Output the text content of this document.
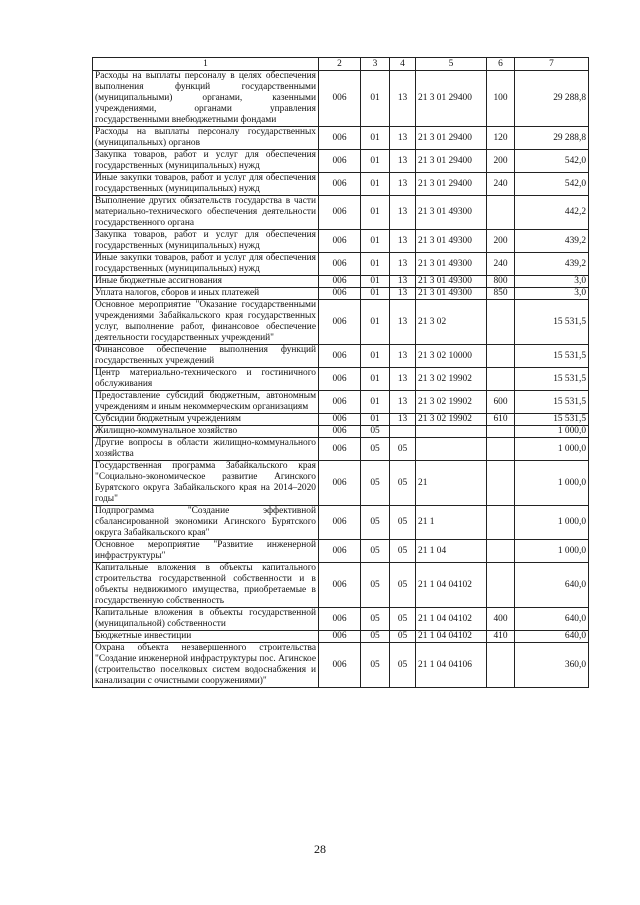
1	2	3	4	5	6	7
Расходы на выплаты персоналу в целях обеспечения выполнения функций государственными (муниципальными) органами, казенными учреждениями, органами управления государственными внебюджетными фондами	006	01	13	21 3 01 29400	100	29 288,8
Расходы на выплаты персоналу государственных (муниципальных) органов	006	01	13	21 3 01 29400	120	29 288,8
Закупка товаров, работ и услуг для обеспечения государственных (муниципальных) нужд	006	01	13	21 3 01 29400	200	542,0
Иные закупки товаров, работ и услуг для обеспечения государственных (муниципальных) нужд	006	01	13	21 3 01 29400	240	542,0
Выполнение других обязательств государства в части материально-технического обеспечения деятельности государственного органа	006	01	13	21 3 01 49300		442,2
Закупка товаров, работ и услуг для обеспечения государственных (муниципальных) нужд	006	01	13	21 3 01 49300	200	439,2
Иные закупки товаров, работ и услуг для обеспечения государственных (муниципальных) нужд	006	01	13	21 3 01 49300	240	439,2
Иные бюджетные ассигнования	006	01	13	21 3 01 49300	800	3,0
Уплата налогов, сборов и иных платежей	006	01	13	21 3 01 49300	850	3,0
Основное мероприятие "Оказание государственными учреждениями Забайкальского края государственных услуг, выполнение работ, финансовое обеспечение деятельности государственных учреждений"	006	01	13	21 3 02		15 531,5
Финансовое обеспечение выполнения функций государственных учреждений	006	01	13	21 3 02 10000		15 531,5
Центр материально-технического и гостиничного обслуживания	006	01	13	21 3 02 19902		15 531,5
Предоставление субсидий бюджетным, автономным учреждениям и иным некоммерческим организациям	006	01	13	21 3 02 19902	600	15 531,5
Субсидии бюджетным учреждениям	006	01	13	21 3 02 19902	610	15 531,5
Жилищно-коммунальное хозяйство	006	05				1 000,0
Другие вопросы в области жилищно-коммунального хозяйства	006	05	05			1 000,0
Государственная программа Забайкальского края "Социально-экономическое развитие Агинского Бурятского округа Забайкальского края на 2014–2020 годы"	006	05	05	21		1 000,0
Подпрограмма "Создание эффективной сбалансированной экономики Агинского Бурятского округа Забайкальского края"	006	05	05	21 1		1 000,0
Основное мероприятие "Развитие инженерной инфраструктуры"	006	05	05	21 1 04		1 000,0
Капитальные вложения в объекты капитального строительства государственной собственности и в объекты недвижимого имущества, приобретаемые в государственную собственность	006	05	05	21 1 04 04102		640,0
Капитальные вложения в объекты государственной (муниципальной) собственности	006	05	05	21 1 04 04102	400	640,0
Бюджетные инвестиции	006	05	05	21 1 04 04102	410	640,0
Охрана объекта незавершенного строительства "Создание инженерной инфраструктуры пос. Агинское (строительство поселковых систем водоснабжения и канализации с очистными сооружениями)"	006	05	05	21 1 04 04106		360,0
28
